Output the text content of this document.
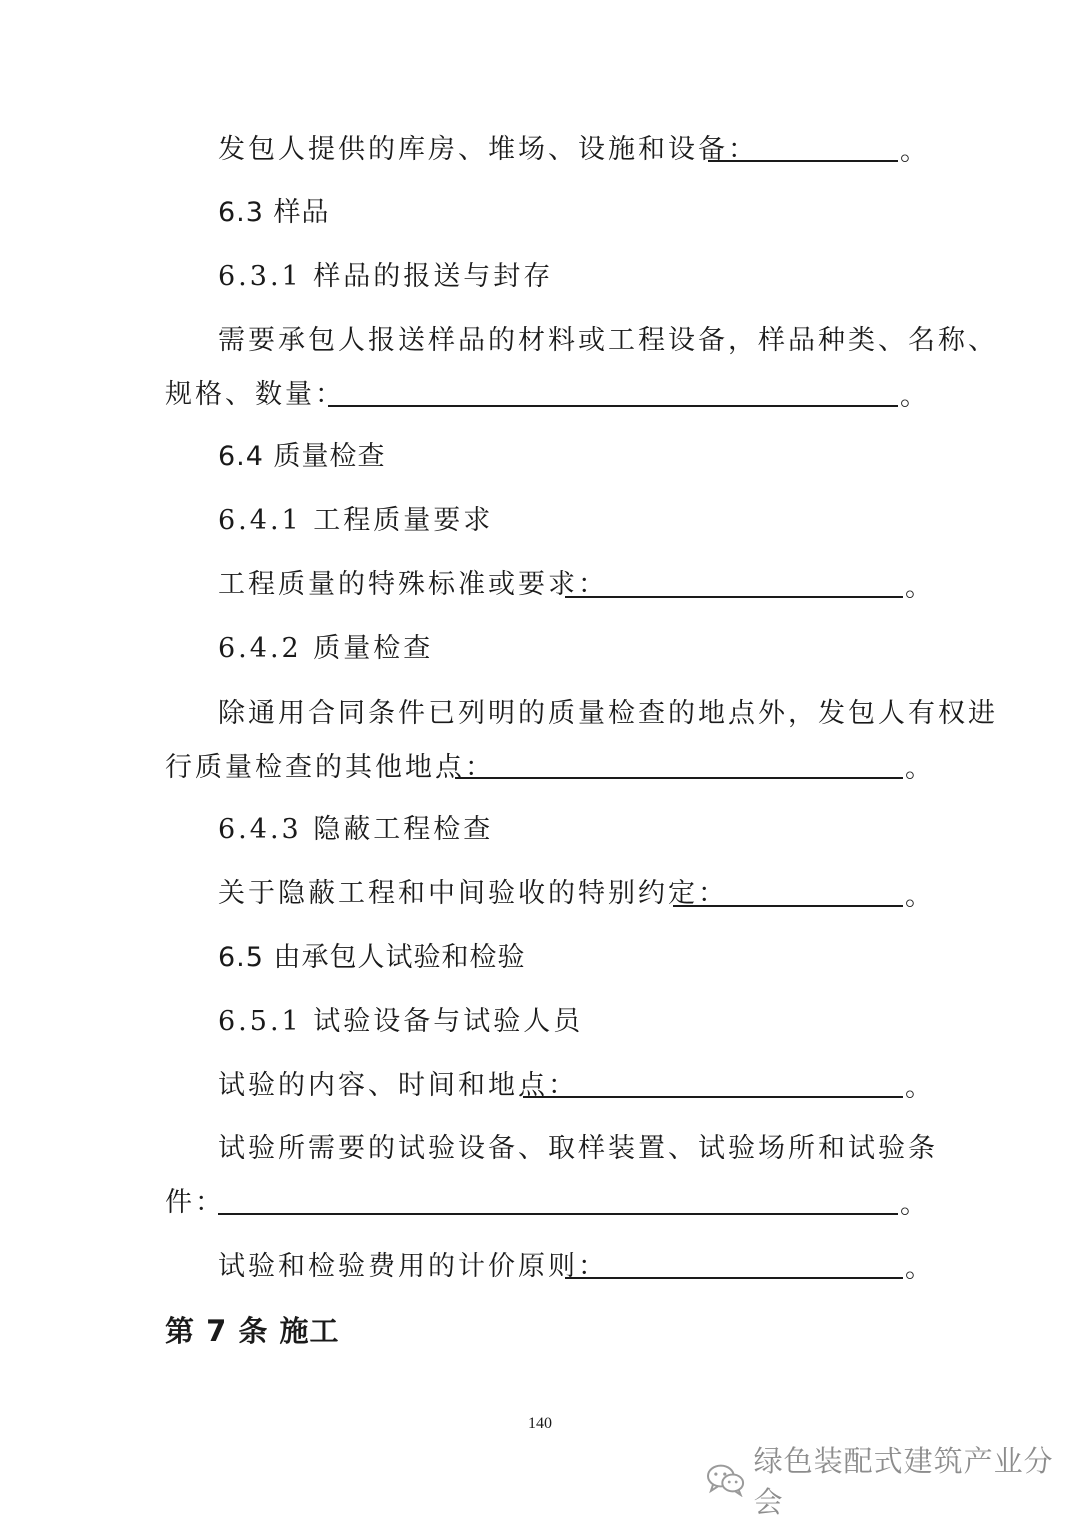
发包人提供的库房、堆场、设施和设备：	。
6.3 样品
6.3.1 样品的报送与封存
需要承包人报送样品的材料或工程设备，样品种类、名称、
规格、数量：	。
6.4 质量检查
6.4.1 工程质量要求
工程质量的特殊标准或要求：	。
6.4.2 质量检查
除通用合同条件已列明的质量检查的地点外，发包人有权进
行质量检查的其他地点：	。
6.4.3 隐蔽工程检查
关于隐蔽工程和中间验收的特别约定：	。
6.5 由承包人试验和检验
6.5.1 试验设备与试验人员
试验的内容、时间和地点：	。
试验所需要的试验设备、取样装置、试验场所和试验条
件：	。
试验和检验费用的计价原则：	。
第 7 条 施工
140
绿色装配式建筑产业分会
